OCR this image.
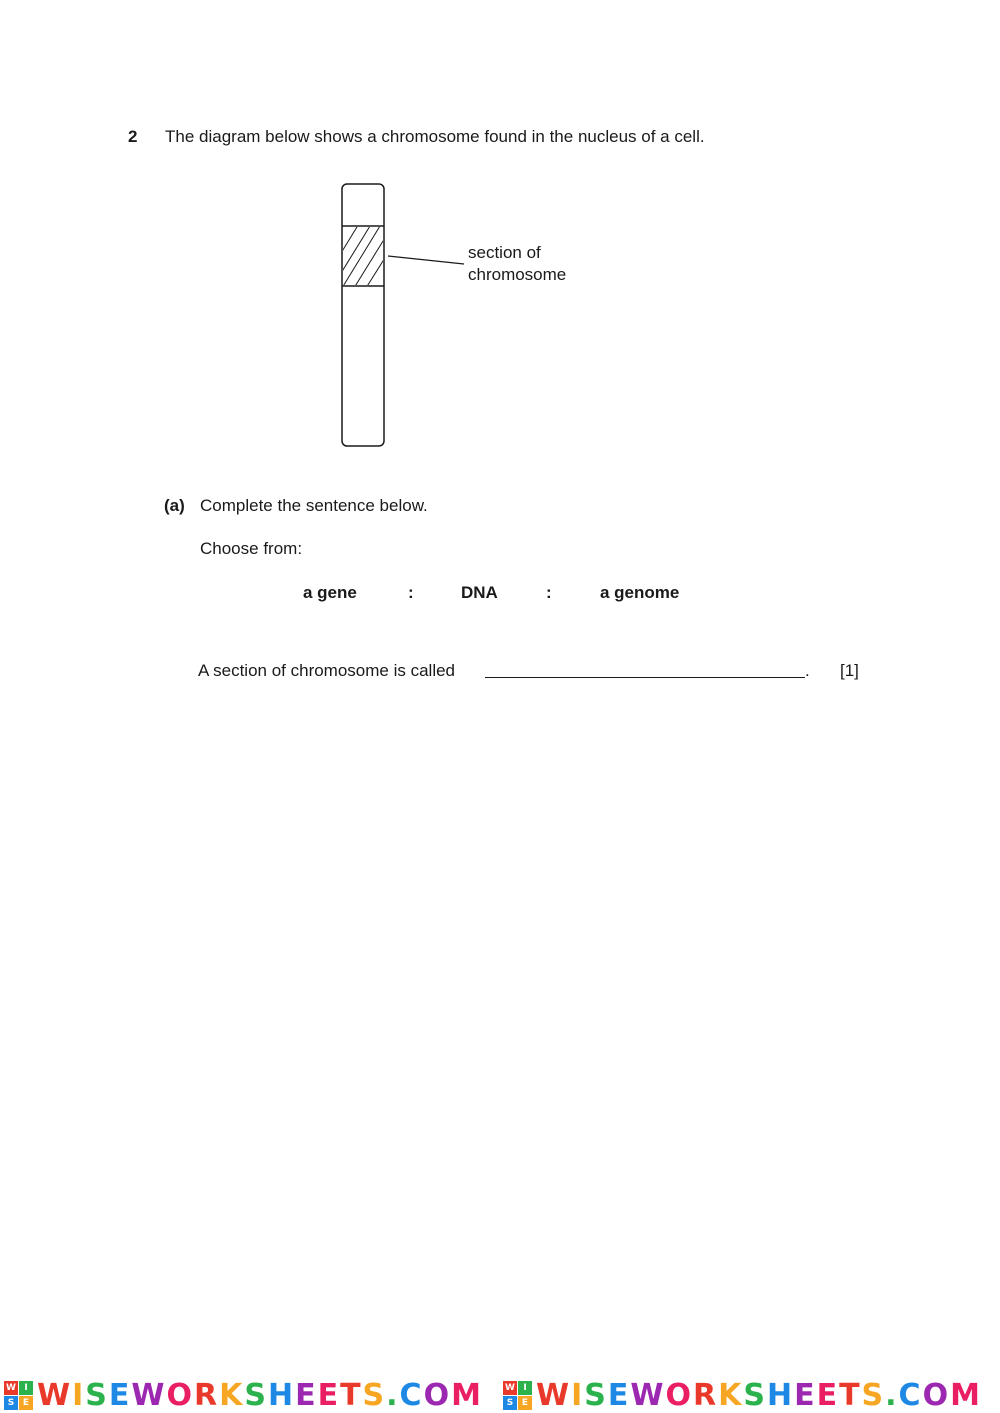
2 The diagram below shows a chromosome found in the nucleus of a cell.
section of
chromosome
(a) Complete the sentence below.
Choose from:
a gene	:	DNA	:	a genome
A section of chromosome is called	. [1]
W I
S E WISEWORKSHEETS.COM W I
S E WISEWORKSHEETS.COM
